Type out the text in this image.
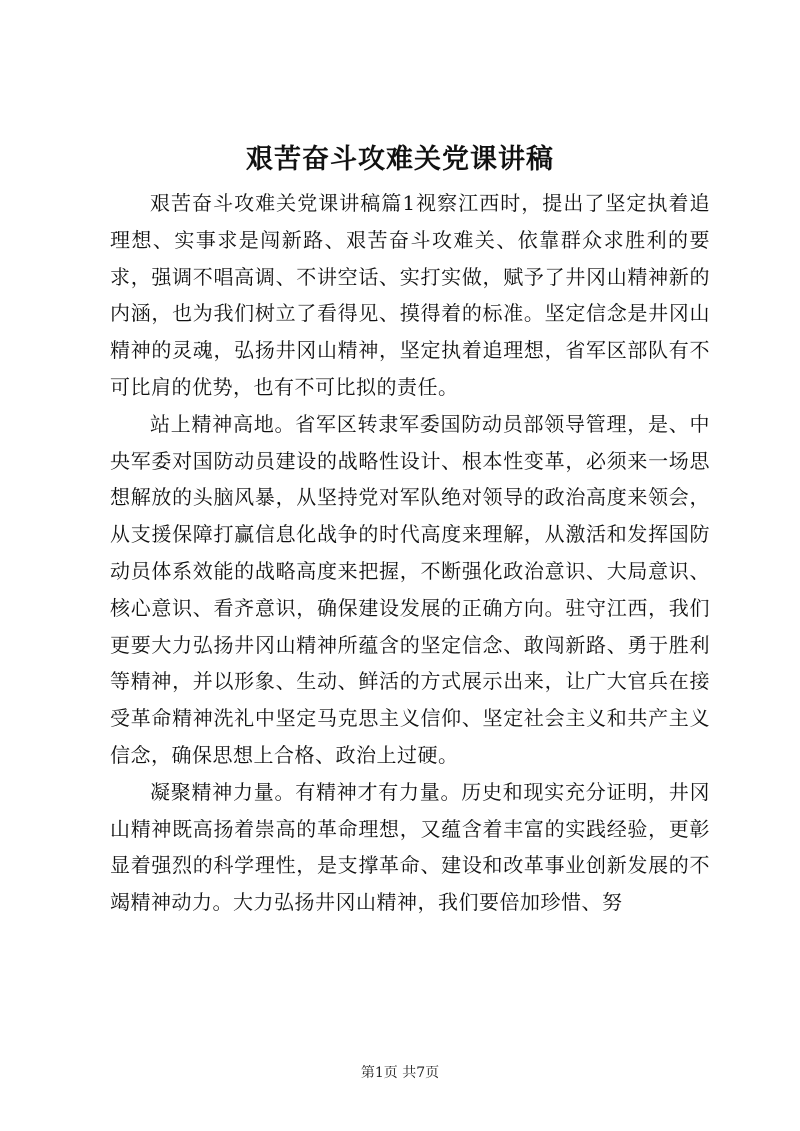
艰苦奋斗攻难关党课讲稿

艰苦奋斗攻难关党课讲稿篇1视察江西时，提出了坚定执着追理想、实事求是闯新路、艰苦奋斗攻难关、依靠群众求胜利的要求，强调不唱高调、不讲空话、实打实做，赋予了井冈山精神新的内涵，也为我们树立了看得见、摸得着的标准。坚定信念是井冈山精神的灵魂，弘扬井冈山精神，坚定执着追理想，省军区部队有不可比肩的优势，也有不可比拟的责任。

站上精神高地。省军区转隶军委国防动员部领导管理，是、中央军委对国防动员建设的战略性设计、根本性变革，必须来一场思想解放的头脑风暴，从坚持党对军队绝对领导的政治高度来领会，从支援保障打赢信息化战争的时代高度来理解，从激活和发挥国防动员体系效能的战略高度来把握，不断强化政治意识、大局意识、核心意识、看齐意识，确保建设发展的正确方向。驻守江西，我们更要大力弘扬井冈山精神所蕴含的坚定信念、敢闯新路、勇于胜利等精神，并以形象、生动、鲜活的方式展示出来，让广大官兵在接受革命精神洗礼中坚定马克思主义信仰、坚定社会主义和共产主义信念，确保思想上合格、政治上过硬。

凝聚精神力量。有精神才有力量。历史和现实充分证明，井冈山精神既高扬着崇高的革命理想，又蕴含着丰富的实践经验，更彰显着强烈的科学理性，是支撑革命、建设和改革事业创新发展的不竭精神动力。大力弘扬井冈山精神，我们要倍加珍惜、努

第1页 共7页
